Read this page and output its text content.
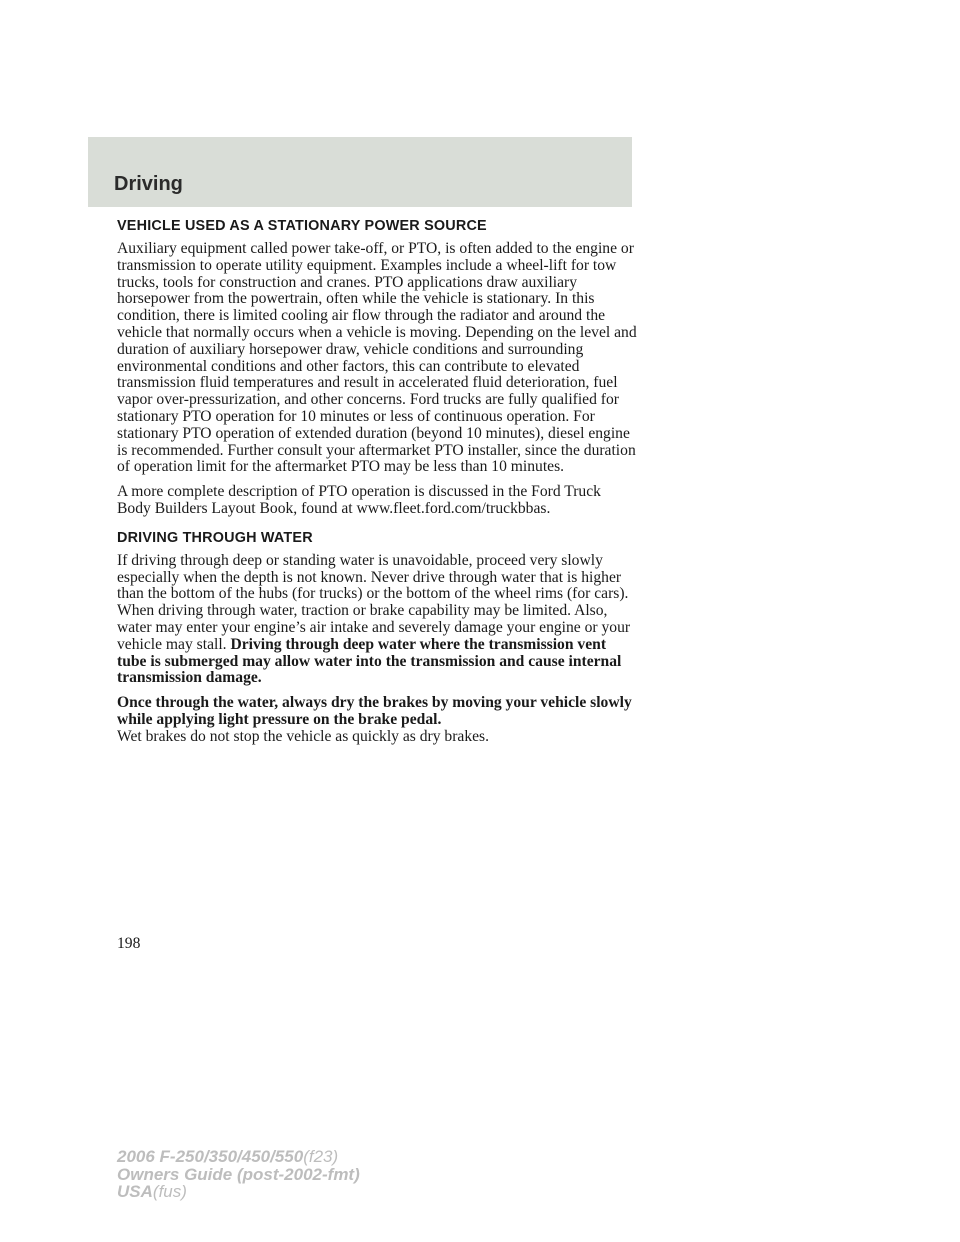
Driving
VEHICLE USED AS A STATIONARY POWER SOURCE

Auxiliary equipment called power take-off, or PTO, is often added to the engine or transmission to operate utility equipment. Examples include a wheel-lift for tow trucks, tools for construction and cranes. PTO applications draw auxiliary horsepower from the powertrain, often while the vehicle is stationary. In this condition, there is limited cooling air flow through the radiator and around the vehicle that normally occurs when a vehicle is moving. Depending on the level and duration of auxiliary horsepower draw, vehicle conditions and surrounding environmental conditions and other factors, this can contribute to elevated transmission fluid temperatures and result in accelerated fluid deterioration, fuel vapor over-pressurization, and other concerns. Ford trucks are fully qualified for stationary PTO operation for 10 minutes or less of continuous operation. For stationary PTO operation of extended duration (beyond 10 minutes), diesel engine is recommended. Further consult your aftermarket PTO installer, since the duration of operation limit for the aftermarket PTO may be less than 10 minutes.

A more complete description of PTO operation is discussed in the Ford Truck Body Builders Layout Book, found at www.fleet.ford.com/truckbbas.

DRIVING THROUGH WATER

If driving through deep or standing water is unavoidable, proceed very slowly especially when the depth is not known. Never drive through water that is higher than the bottom of the hubs (for trucks) or the bottom of the wheel rims (for cars). When driving through water, traction or brake capability may be limited. Also, water may enter your engine’s air intake and severely damage your engine or your vehicle may stall. Driving through deep water where the transmission vent tube is submerged may allow water into the transmission and cause internal transmission damage.

Once through the water, always dry the brakes by moving your vehicle slowly while applying light pressure on the brake pedal.

Wet brakes do not stop the vehicle as quickly as dry brakes.

198

2006 F-250/350/450/550(f23)
Owners Guide (post-2002-fmt)
USA(fus)
